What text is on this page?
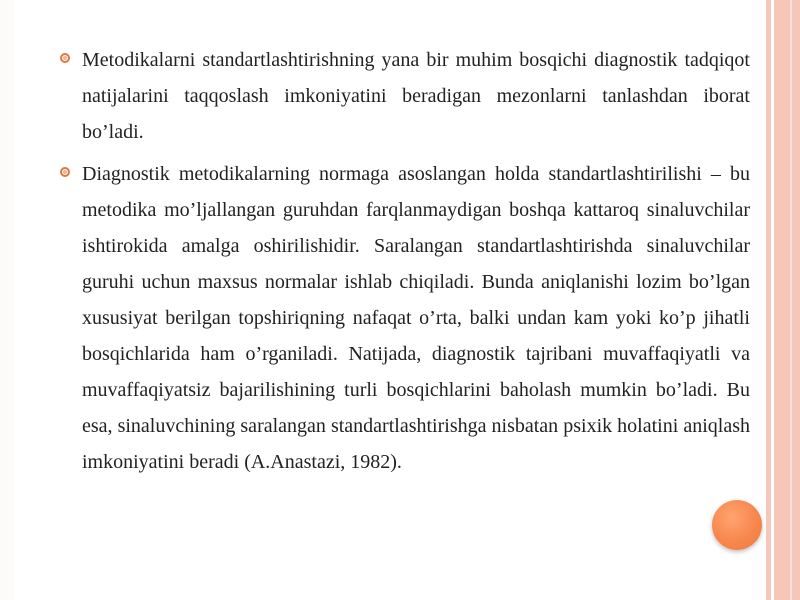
Metodikalarni standartlashtirishning yana bir muhim bosqichi diagnostik tadqiqot natijalarini taqqoslash imkoniyatini beradigan mezonlarni tanlashdan iborat bo’ladi.

Diagnostik metodikalarning normaga asoslangan holda standartlashtirilishi – bu metodika mo’ljallangan guruhdan farqlanmaydigan boshqa kattaroq sinaluvchilar ishtirokida amalga oshirilishidir. Saralangan standartlashtirishda sinaluvchilar guruhi uchun maxsus normalar ishlab chiqiladi. Bunda aniqlanishi lozim bo’lgan xususiyat berilgan topshiriqning nafaqat o’rta, balki undan kam yoki ko’p jihatli bosqichlarida ham o’rganiladi. Natijada, diagnostik tajribani muvaffaqiyatli va muvaffaqiyatsiz bajarilishining turli bosqichlarini baholash mumkin bo’ladi. Bu esa, sinaluvchining saralangan standartlashtirishga nisbatan psixik holatini aniqlash imkoniyatini beradi (A.Anastazi, 1982).
